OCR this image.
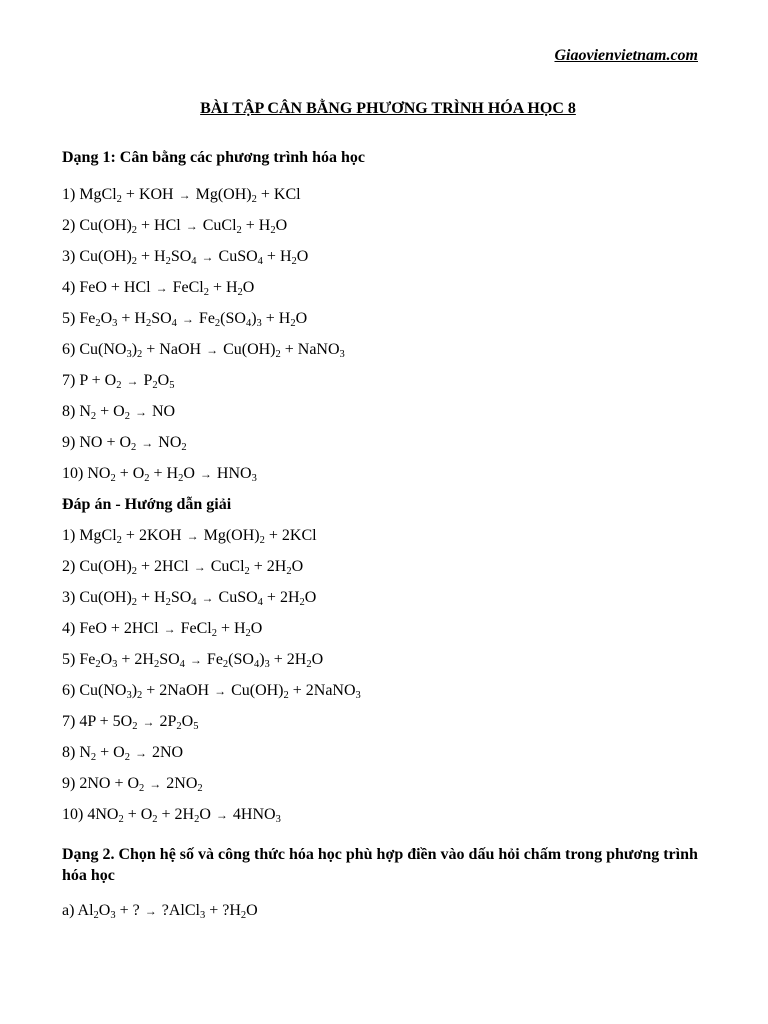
Giaovienvietnam.com
BÀI TẬP CÂN BẰNG PHƯƠNG TRÌNH HÓA HỌC 8
Dạng 1: Cân bằng các phương trình hóa học
1) MgCl$_2$ + KOH → $Mg(OH)_2$ + KCl
2) $Cu(OH)_2$ + HCl → CuCl$_2$ + $H_2O$
3) $Cu(OH)_2 + H_2SO_4$ → CuSO$_4$ + $H_2O$
4) FeO + HCl → FeCl$_2$ + $H_2O$
5) $Fe_2O_3 + H_2SO_4 \to Fe_2(SO_4)_3 + H_2O$
6) $Cu(NO_3)_2$ + NaOH → $Cu(OH)_2$ + NaNO$_3$
7) $P + O_2 \to P_2O_5$
8) $N_2 + O_2$ → NO
9) NO + $O_2 \to NO_2$
10) $NO_2 + O_2 + H_2O \to HNO_3$
Đáp án - Hướng dẫn giải
1) MgCl$_2$ + $2KOH \to Mg(OH)_2 + 2KCl$
2) $Cu(OH)_2 + 2HCl$ → CuCl$_2$ + $2H_2O$
3) $Cu(OH)_2 + H_2SO_4$ → CuSO$_4$ + $2H_2O$
4) FeO + 2HCl → FeCl$_2$ + $H_2O$
5) $Fe_2O_3 + 2H_2SO_4 \to Fe_2(SO_4)_3 + 2H_2O$
6) $Cu(NO_3)_2$ + 2NaOH → $Cu(OH)_2$ + 2NaNO$_3$
7) $4P + 5O_2 \to 2P_2O_5$
8) $N_2 + O_2 \to 2NO$
9) $2NO + O_2 \to 2NO_2$
10) $4NO_2 + O_2 + 2H_2O \to 4HNO_3$
Dạng 2. Chọn hệ số và công thức hóa học phù hợp điền vào dấu hỏi chấm trong phương trình hóa học
a) $Al_2O_3$ + ? → ?AlCl$_3$ + $?H_2O$
